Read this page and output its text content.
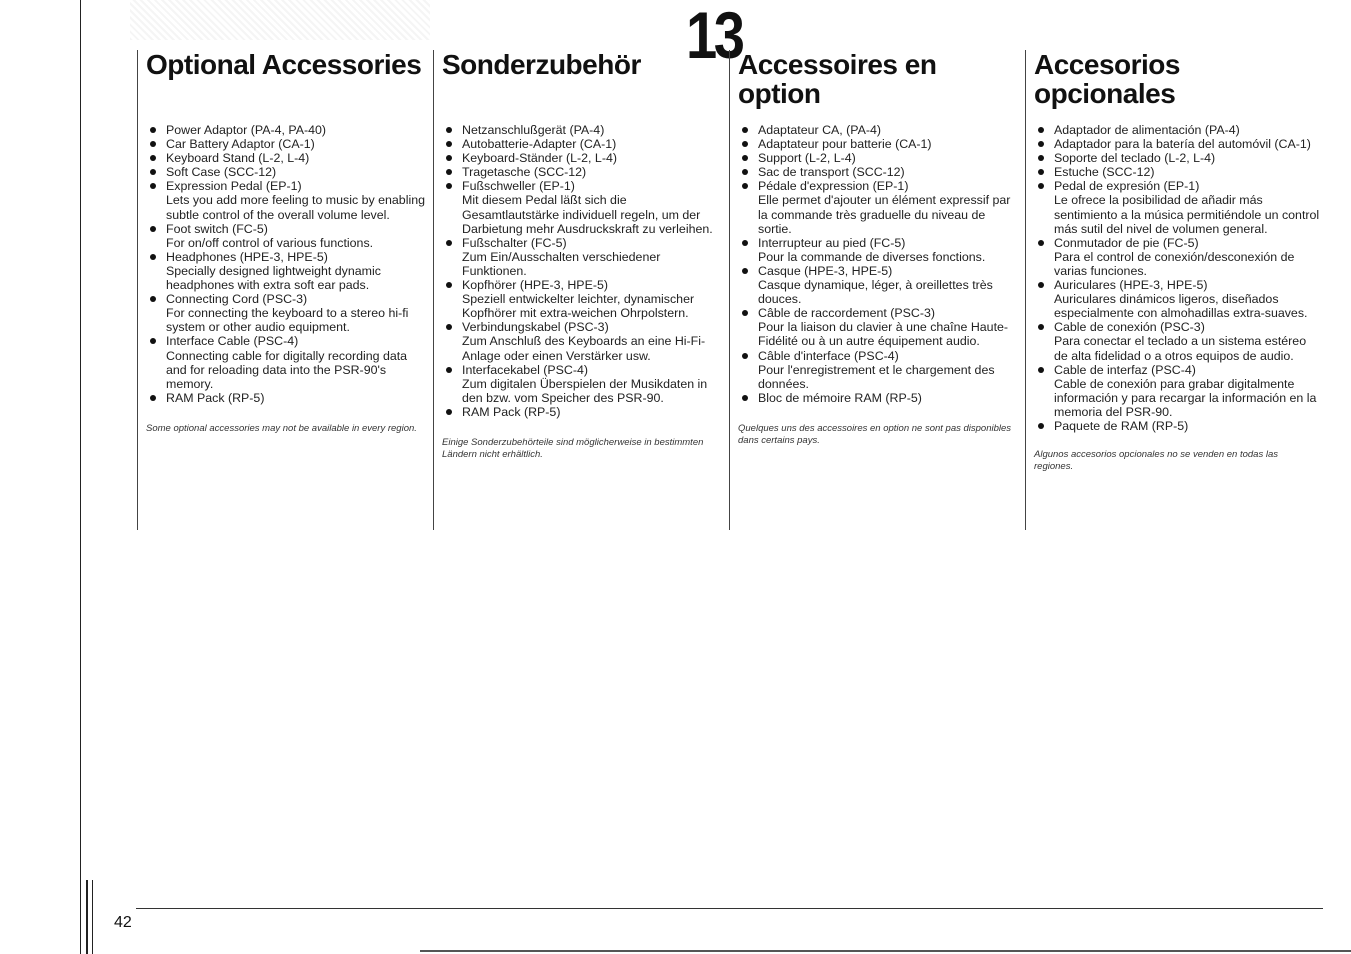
13
Optional Accessories
Power Adaptor (PA-4, PA-40)
Car Battery Adaptor (CA-1)
Keyboard Stand (L-2, L-4)
Soft Case (SCC-12)
Expression Pedal (EP-1)
Lets you add more feeling to music by enabling subtle control of the overall volume level.
Foot switch (FC-5)
For on/off control of various functions.
Headphones (HPE-3, HPE-5)
Specially designed lightweight dynamic headphones with extra soft ear pads.
Connecting Cord (PSC-3)
For connecting the keyboard to a stereo hi-fi system or other audio equipment.
Interface Cable (PSC-4)
Connecting cable for digitally recording data and for reloading data into the PSR-90's memory.
RAM Pack (RP-5)
Some optional accessories may not be available in every region.
Sonderzubehör
Netzanschlußgerät (PA-4)
Autobatterie-Adapter (CA-1)
Keyboard-Ständer (L-2, L-4)
Tragetasche (SCC-12)
Fußschweller (EP-1)
Mit diesem Pedal läßt sich die Gesamtlautstärke individuell regeln, um der Darbietung mehr Ausdruckskraft zu verleihen.
Fußschalter (FC-5)
Zum Ein/Ausschalten verschiedener Funktionen.
Kopfhörer (HPE-3, HPE-5)
Speziell entwickelter leichter, dynamischer Kopfhörer mit extra-weichen Ohrpolstern.
Verbindungskabel (PSC-3)
Zum Anschluß des Keyboards an eine Hi-Fi-Anlage oder einen Verstärker usw.
Interfacekabel (PSC-4)
Zum digitalen Überspielen der Musikdaten in den bzw. vom Speicher des PSR-90.
RAM Pack (RP-5)
Einige Sonderzubehörteile sind möglicherweise in bestimmten Ländern nicht erhältlich.
Accessoires en option
Adaptateur CA, (PA-4)
Adaptateur pour batterie (CA-1)
Support (L-2, L-4)
Sac de transport (SCC-12)
Pédale d'expression (EP-1)
Elle permet d'ajouter un élément expressif par la commande très graduelle du niveau de sortie.
Interrupteur au pied (FC-5)
Pour la commande de diverses fonctions.
Casque (HPE-3, HPE-5)
Casque dynamique, léger, à oreillettes très douces.
Câble de raccordement (PSC-3)
Pour la liaison du clavier à une chaîne Haute-Fidélité ou à un autre équipement audio.
Câble d'interface (PSC-4)
Pour l'enregistrement et le chargement des données.
Bloc de mémoire RAM (RP-5)
Quelques uns des accessoires en option ne sont pas disponibles dans certains pays.
Accesorios opcionales
Adaptador de alimentación (PA-4)
Adaptador para la batería del automóvil (CA-1)
Soporte del teclado (L-2, L-4)
Estuche (SCC-12)
Pedal de expresión (EP-1)
Le ofrece la posibilidad de añadir más sentimiento a la música permitiéndole un control más sutil del nivel de volumen general.
Conmutador de pie (FC-5)
Para el control de conexión/desconexión de varias funciones.
Auriculares (HPE-3, HPE-5)
Auriculares dinámicos ligeros, diseñados especialmente con almohadillas extra-suaves.
Cable de conexión (PSC-3)
Para conectar el teclado a un sistema estéreo de alta fidelidad o a otros equipos de audio.
Cable de interfaz (PSC-4)
Cable de conexión para grabar digitalmente información y para recargar la información en la memoria del PSR-90.
Paquete de RAM (RP-5)
Algunos accesorios opcionales no se venden en todas las regiones.
42
